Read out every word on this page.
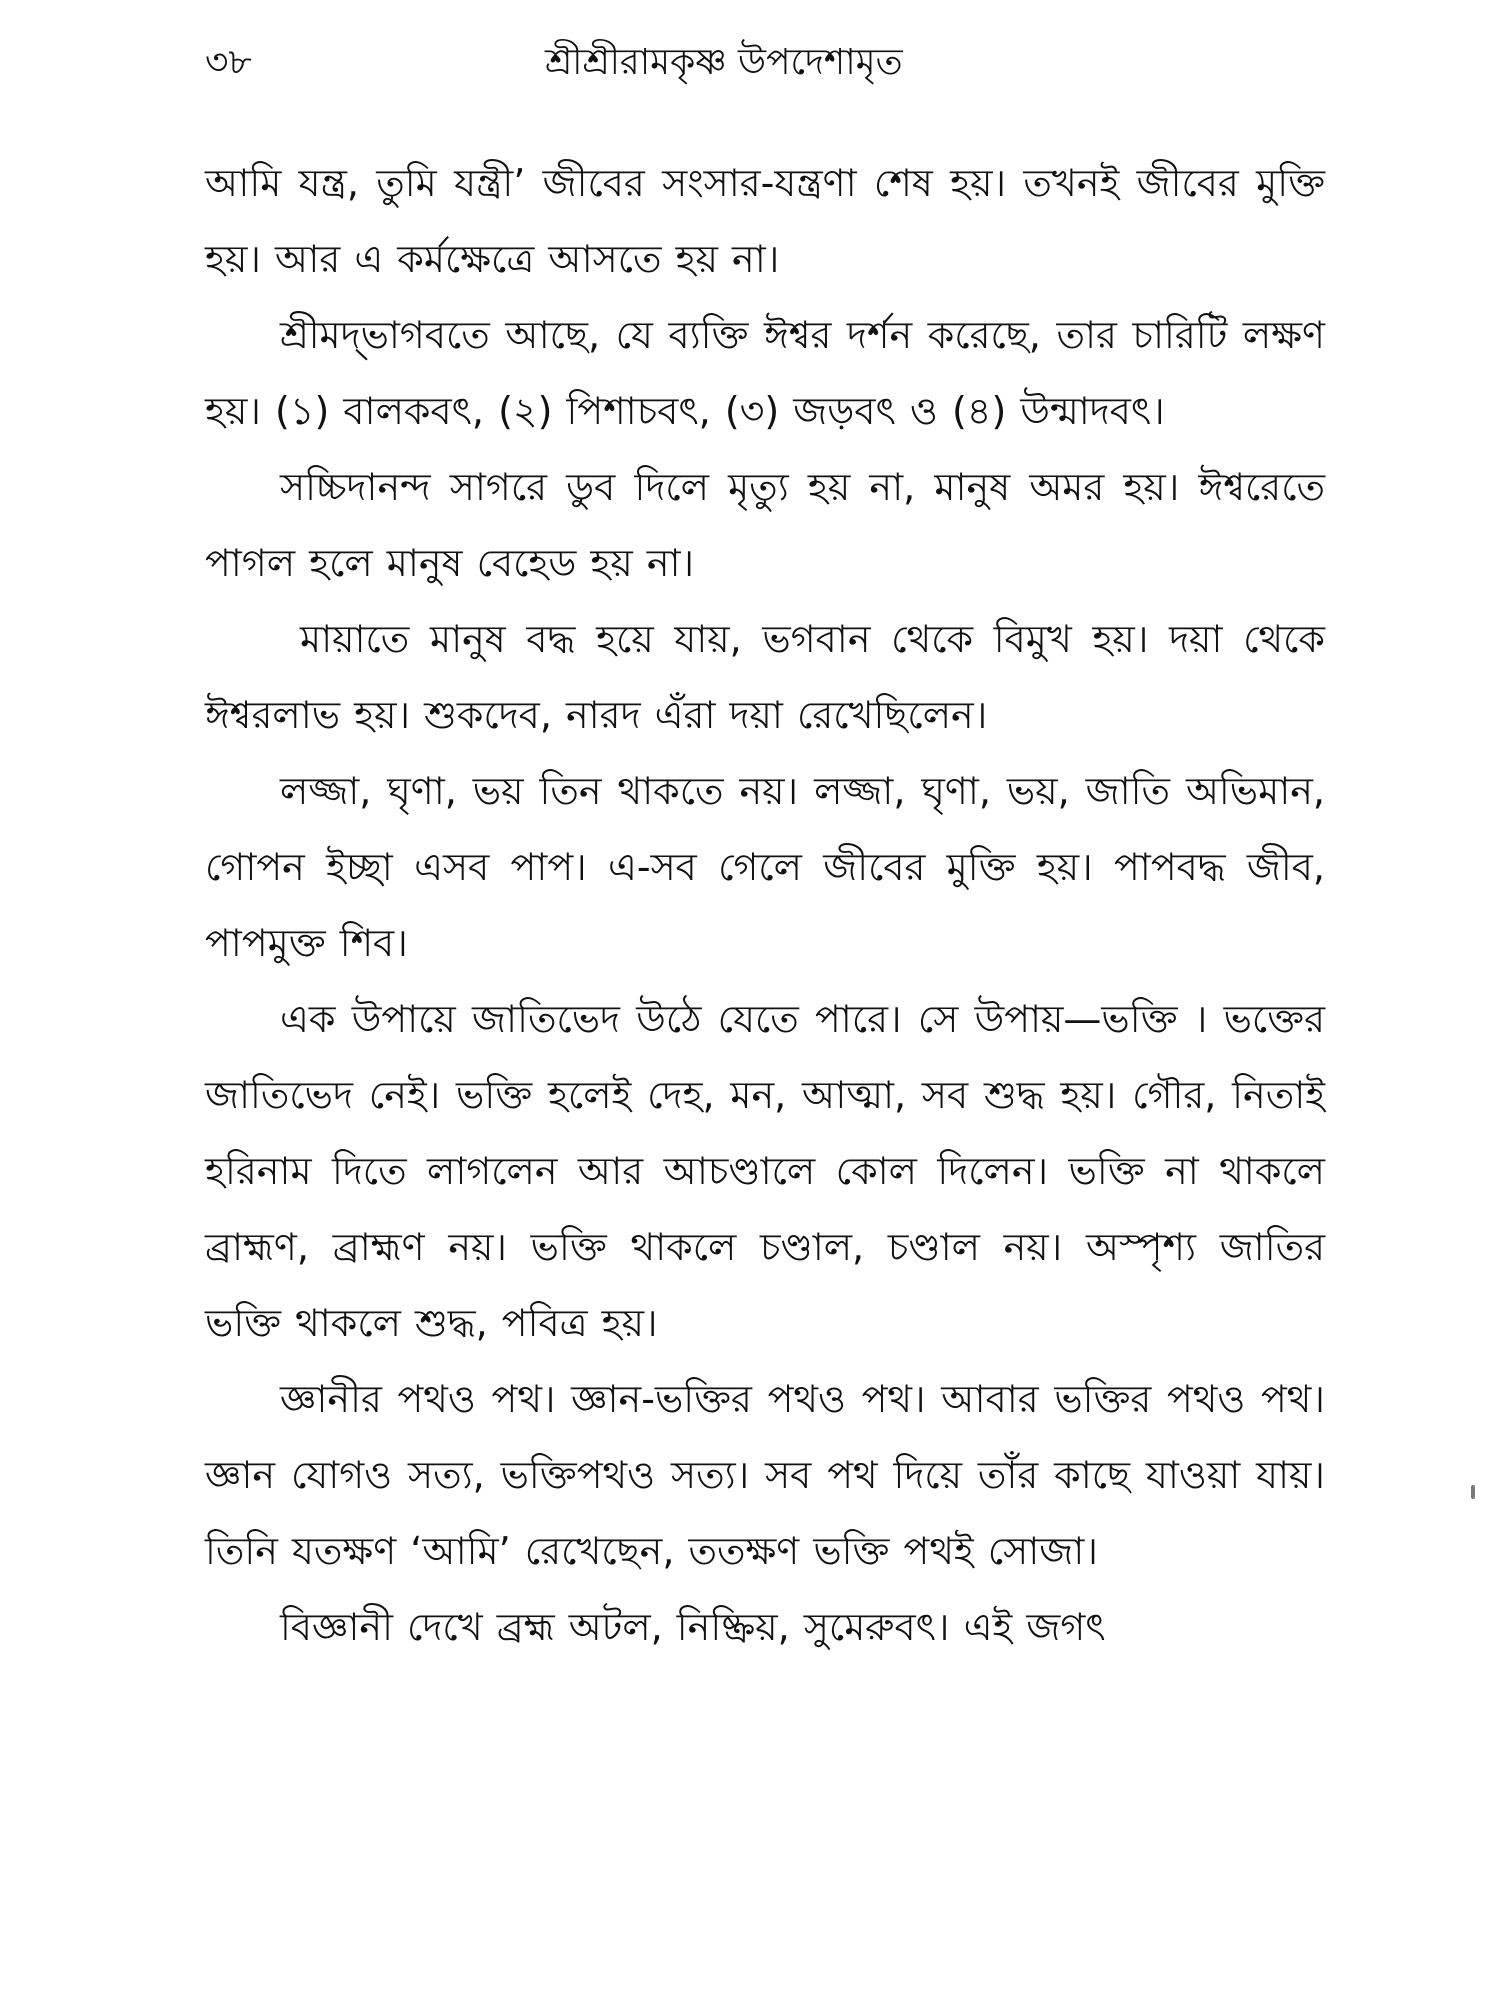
৩৮	শ্রীশ্রীরামকৃষ্ণ উপদেশামৃত

আমি যন্ত্র, তুমি যন্ত্রী’ জীবের সংসার-যন্ত্রণা শেষ হয়। তখনই জীবের মুক্তি হয়। আর এ কর্মক্ষেত্রে আসতে হয় না।

শ্রীমদ্‌ভাগবতে আছে, যে ব্যক্তি ঈশ্বর দর্শন করেছে, তার চারিটি লক্ষণ হয়। (১) বালকবৎ, (২) পিশাচবৎ, (৩) জড়বৎ ও (৪) উন্মাদবৎ।

সচ্চিদানন্দ সাগরে ডুব দিলে মৃত্যু হয় না, মানুষ অমর হয়। ঈশ্বরেতে পাগল হলে মানুষ বেহেড হয় না।

মায়াতে মানুষ বদ্ধ হয়ে যায়, ভগবান থেকে বিমুখ হয়। দয়া থেকে ঈশ্বরলাভ হয়। শুকদেব, নারদ এঁরা দয়া রেখেছিলেন।

লজ্জা, ঘৃণা, ভয় তিন থাকতে নয়। লজ্জা, ঘৃণা, ভয়, জাতি অভিমান, গোপন ইচ্ছা এসব পাপ। এ-সব গেলে জীবের মুক্তি হয়। পাপবদ্ধ জীব, পাপমুক্ত শিব।

এক উপায়ে জাতিভেদ উঠে যেতে পারে। সে উপায়—ভক্তি । ভক্তের জাতিভেদ নেই। ভক্তি হলেই দেহ, মন, আত্মা, সব শুদ্ধ হয়। গৌর, নিতাই হরিনাম দিতে লাগলেন আর আচণ্ডালে কোল দিলেন। ভক্তি না থাকলে ব্রাহ্মণ, ব্রাহ্মণ নয়। ভক্তি থাকলে চণ্ডাল, চণ্ডাল নয়। অস্পৃশ্য জাতির ভক্তি থাকলে শুদ্ধ, পবিত্র হয়।

জ্ঞানীর পথও পথ। জ্ঞান-ভক্তির পথও পথ। আবার ভক্তির পথও পথ। জ্ঞান যোগও সত্য, ভক্তিপথও সত্য। সব পথ দিয়ে তাঁর কাছে যাওয়া যায়। তিনি যতক্ষণ ‘আমি’ রেখেছেন, ততক্ষণ ভক্তি পথই সোজা।

বিজ্ঞানী দেখে ব্রহ্ম অটল, নিষ্ক্রিয়, সুমেরুবৎ। এই জগৎ
